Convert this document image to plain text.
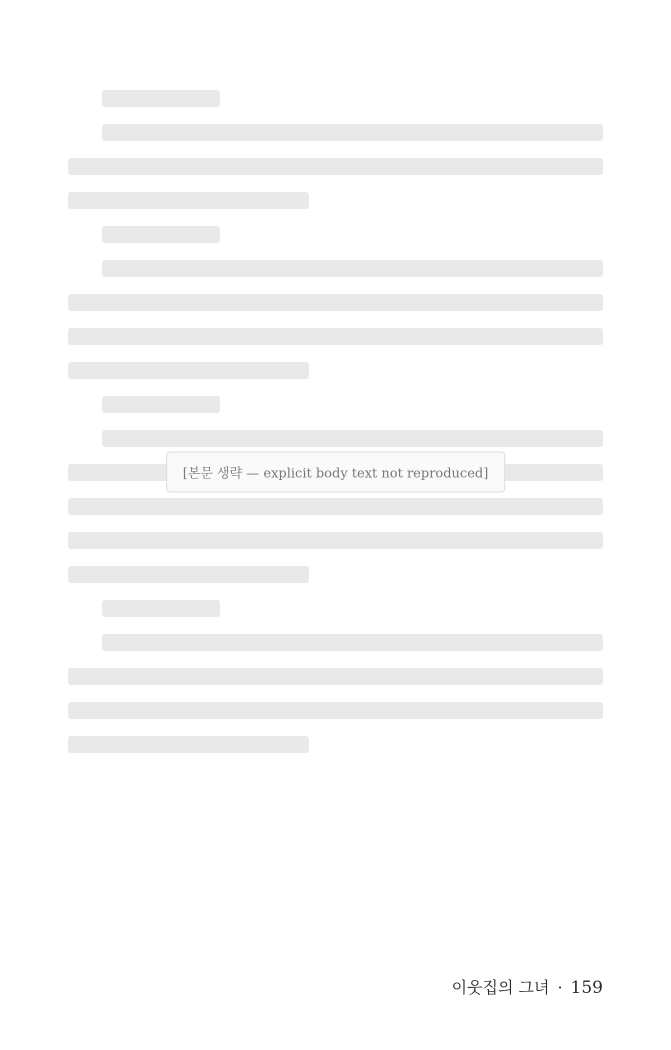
[본문 생략 — explicit body text not reproduced]
이웃집의 그녀 · 159
